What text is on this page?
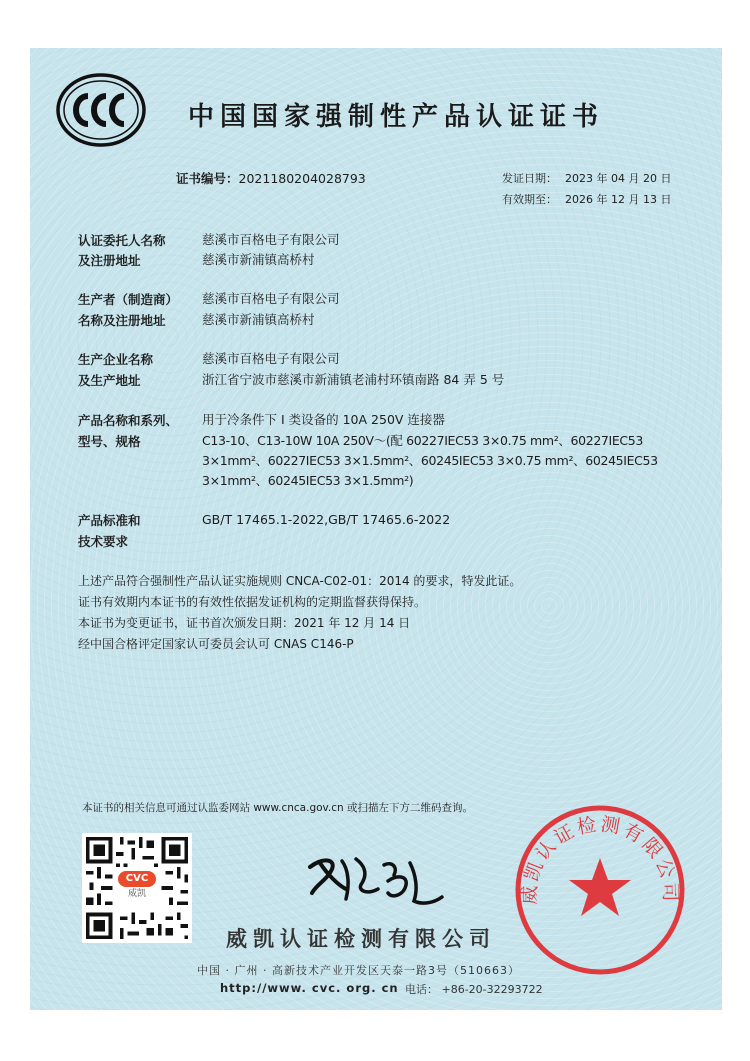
中国国家强制性产品认证证书
证书编号：2021180204028793	发证日期： 2023 年 04 月 20 日
有效期至： 2026 年 12 月 13 日
认证委托人名称
及注册地址
慈溪市百格电子有限公司
慈溪市新浦镇高桥村
生产者（制造商）
名称及注册地址
慈溪市百格电子有限公司
慈溪市新浦镇高桥村
生产企业名称
及生产地址
慈溪市百格电子有限公司
浙江省宁波市慈溪市新浦镇老浦村环镇南路 84 弄 5 号
产品名称和系列、
型号、规格
用于冷条件下 I 类设备的 10A 250V 连接器
C13-10、C13-10W 10A 250V～(配 60227IEC53 3×0.75 mm²、60227IEC53
3×1mm²、60227IEC53 3×1.5mm²、60245IEC53 3×0.75 mm²、60245IEC53
3×1mm²、60245IEC53 3×1.5mm²)
产品标准和
技术要求
GB/T 17465.1-2022,GB/T 17465.6-2022
上述产品符合强制性产品认证实施规则 CNCA-C02-01：2014 的要求，特发此证。
证书有效期内本证书的有效性依据发证机构的定期监督获得保持。
本证书为变更证书，证书首次颁发日期：2021 年 12 月 14 日
经中国合格评定国家认可委员会认可 CNAS C146-P
本证书的相关信息可通过认监委网站 www.cnca.gov.cn 或扫描左下方二维码查询。
CVC
威凯
威凯认证检测有限公司
中国 · 广州 · 高新技术产业开发区天泰一路3号（510663）
http://www. cvc. org. cn 电话： +86-20-32293722
威凯认证检测有限公司
